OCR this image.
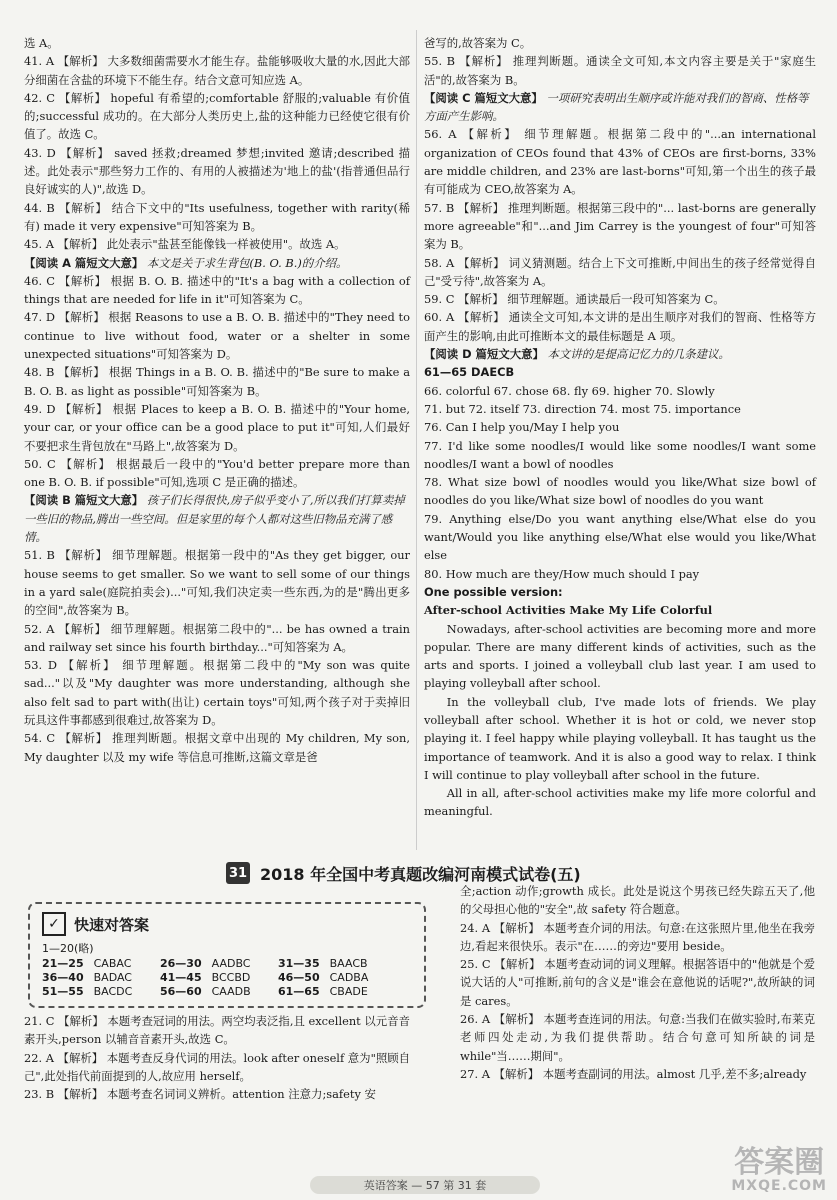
选 A。

41. A 【解析】 大多数细菌需要水才能生存。盐能够吸收大量的水,因此大部分细菌在含盐的环境下不能生存。结合文意可知应选 A。

42. C 【解析】 hopeful 有希望的;comfortable 舒服的;valuable 有价值的;successful 成功的。在大部分人类历史上,盐的这种能力已经使它很有价值了。故选 C。

43. D 【解析】 saved 拯救;dreamed 梦想;invited 邀请;described 描述。此处表示"那些努力工作的、有用的人被描述为'地上的盐'(指普通但品行良好诚实的人)",故选 D。

44. B 【解析】 结合下文中的"Its usefulness, together with rarity(稀有) made it very expensive"可知答案为 B。

45. A 【解析】 此处表示"盐甚至能像钱一样被使用"。故选 A。

【阅读 A 篇短文大意】 本文是关于求生背包(B. O. B.)的介绍。

46. C 【解析】 根据 B. O. B. 描述中的"It's a bag with a collection of things that are needed for life in it"可知答案为 C。

47. D 【解析】 根据 Reasons to use a B. O. B. 描述中的"They need to continue to live without food, water or a shelter in some unexpected situations"可知答案为 D。

48. B 【解析】 根据 Things in a B. O. B. 描述中的"Be sure to make a B. O. B. as light as possible"可知答案为 B。

49. D 【解析】 根据 Places to keep a B. O. B. 描述中的"Your home, your car, or your office can be a good place to put it"可知,人们最好不要把求生背包放在"马路上",故答案为 D。

50. C 【解析】 根据最后一段中的"You'd better prepare more than one B. O. B. if possible"可知,选项 C 是正确的描述。

【阅读 B 篇短文大意】 孩子们长得很快,房子似乎变小了,所以我们打算卖掉一些旧的物品,腾出一些空间。但是家里的每个人都对这些旧物品充满了感情。

51. B 【解析】 细节理解题。根据第一段中的"As they get bigger, our house seems to get smaller. So we want to sell some of our things in a yard sale(庭院拍卖会)..."可知,我们决定卖一些东西,为的是"腾出更多的空间",故答案为 B。

52. A 【解析】 细节理解题。根据第二段中的"... be has owned a train and railway set since his fourth birthday..."可知答案为 A。

53. D 【解析】 细节理解题。根据第二段中的"My son was quite sad..."以及"My daughter was more understanding, although she also felt sad to part with(出让) certain toys"可知,两个孩子对于卖掉旧玩具这件事都感到很难过,故答案为 D。

54. C 【解析】 推理判断题。根据文章中出现的 My children, My son, My daughter 以及 my wife 等信息可推断,这篇文章是爸

爸写的,故答案为 C。

55. B 【解析】 推理判断题。通读全文可知,本文内容主要是关于"家庭生活"的,故答案为 B。

【阅读 C 篇短文大意】 一项研究表明出生顺序或许能对我们的智商、性格等方面产生影响。

56. A 【解析】 细节理解题。根据第二段中的"...an international organization of CEOs found that 43% of CEOs are first-borns, 33% are middle children, and 23% are last-borns"可知,第一个出生的孩子最有可能成为 CEO,故答案为 A。

57. B 【解析】 推理判断题。根据第三段中的"... last-borns are generally more agreeable"和"...and Jim Carrey is the youngest of four"可知答案为 B。

58. A 【解析】 词义猜测题。结合上下文可推断,中间出生的孩子经常觉得自己"受亏待",故答案为 A。

59. C 【解析】 细节理解题。通读最后一段可知答案为 C。

60. A 【解析】 通读全文可知,本文讲的是出生顺序对我们的智商、性格等方面产生的影响,由此可推断本文的最佳标题是 A 项。

【阅读 D 篇短文大意】 本文讲的是提高记忆力的几条建议。

61—65 DAECB

66. colorful 67. chose 68. fly 69. higher 70. Slowly

71. but 72. itself 73. direction 74. most 75. importance

76. Can I help you/May I help you

77. I'd like some noodles/I would like some noodles/I want some noodles/I want a bowl of noodles

78. What size bowl of noodles would you like/What size bowl of noodles do you like/What size bowl of noodles do you want

79. Anything else/Do you want anything else/What else do you want/Would you like anything else/What else would you like/What else

80. How much are they/How much should I pay

One possible version:

After-school Activities Make My Life Colorful

Nowadays, after-school activities are becoming more and more popular. There are many different kinds of activities, such as the arts and sports. I joined a volleyball club last year. I am used to playing volleyball after school.

In the volleyball club, I've made lots of friends. We play volleyball after school. Whether it is hot or cold, we never stop playing it. I feel happy while playing volleyball. It has taught us the importance of teamwork. And it is also a good way to relax. I think I will continue to play volleyball after school in the future.

All in all, after-school activities make my life more colorful and meaningful.

31 2018 年全国中考真题改编河南模式试卷(五)
✓ 快速对答案
1—20(略)
21—25 CABAC	26—30 AADBC	31—35 BAACB
36—40 BADAC	41—45 BCCBD	46—50 CADBA
51—55 BACDC	56—60 CAADB	61—65 CBADE

21. C 【解析】 本题考查冠词的用法。两空均表泛指,且 excellent 以元音音素开头,person 以辅音音素开头,故选 C。

22. A 【解析】 本题考查反身代词的用法。look after oneself 意为"照顾自己",此处指代前面提到的人,故应用 herself。

23. B 【解析】 本题考查名词词义辨析。attention 注意力;safety 安

全;action 动作;growth 成长。此处是说这个男孩已经失踪五天了,他的父母担心他的"安全",故 safety 符合题意。

24. A 【解析】 本题考查介词的用法。句意:在这张照片里,他坐在我旁边,看起来很快乐。表示"在……的旁边"要用 beside。

25. C 【解析】 本题考查动词的词义理解。根据答语中的"他就是个爱说大话的人"可推断,前句的含义是"谁会在意他说的话呢?",故所缺的词是 cares。

26. A 【解析】 本题考查连词的用法。句意:当我们在做实验时,布莱克老师四处走动,为我们提供帮助。结合句意可知所缺的词是 while"当……期间"。

27. A 【解析】 本题考查副词的用法。almost 几乎,差不多;already

英语答案 — 57 第 31 套
答案圈
MXQE.COM
